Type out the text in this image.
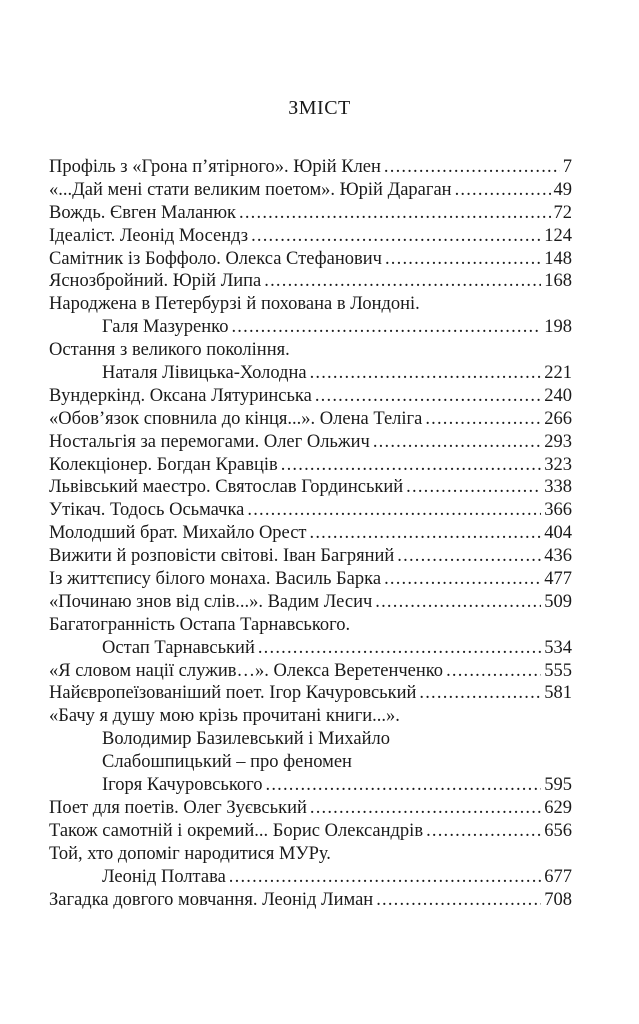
ЗМІСТ
Профіль з «Грона п’ятірного». Юрій Клен .....	7
«...Дай мені стати великим поетом». Юрій Дараган .....	49
Вождь. Євген Маланюк .....	72
Ідеаліст. Леонід Мосендз .....	124
Самітник із Боффоло. Олекса Стефанович .....	148
Яснозбройний. Юрій Липа .....	168
Народжена в Петербурзі й похована в Лондоні.
Галя Мазуренко .....	198
Остання з великого покоління.
Наталя Лівицька-Холодна .....	221
Вундеркінд. Оксана Лятуринська .....	240
«Обов’язок сповнила до кінця...». Олена Теліга .....	266
Ностальгія за перемогами. Олег Ольжич .....	293
Колекціонер. Богдан Кравців .....	323
Львівський маестро. Святослав Гординський .....	338
Утікач. Тодось Осьмачка .....	366
Молодший брат. Михайло Орест .....	404
Вижити й розповісти світові. Іван Багряний .....	436
Із життєпису білого монаха. Василь Барка .....	477
«Починаю знов від слів...». Вадим Лесич .....	509
Багатогранність Остапа Тарнавського.
Остап Тарнавський .....	534
«Я словом нації служив…». Олекса Веретенченко .....	555
Найєвропеїзованіший поет. Ігор Качуровський .....	581
«Бачу я душу мою крізь прочитані книги...».
Володимир Базилевський і Михайло
Слабошпицький – про феномен
Ігоря Качуровського .....	595
Поет для поетів. Олег Зуєвський .....	629
Також самотній і окремий... Борис Олександрів .....	656
Той, хто допоміг народитися МУРу.
Леонід Полтава .....	677
Загадка довгого мовчання. Леонід Лиман .....	708
